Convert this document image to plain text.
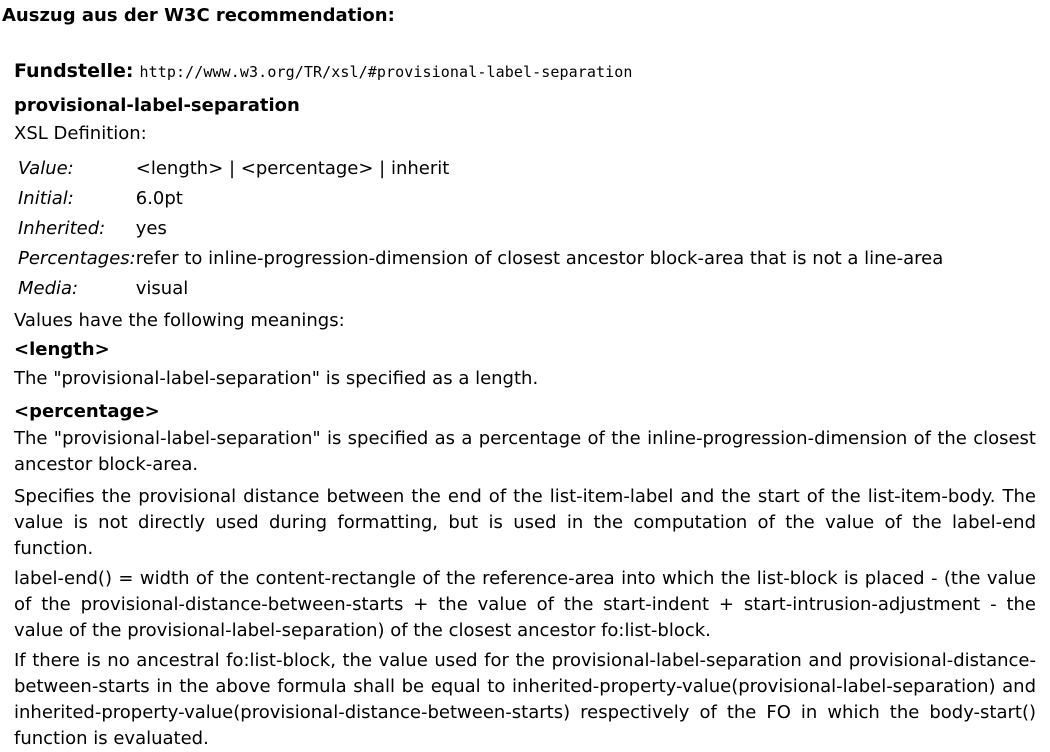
Auszug aus der W3C recommendation:
Fundstelle: http://www.w3.org/TR/xsl/#provisional-label-separation
provisional-label-separation
XSL Definition:
Value:	<length> | <percentage> | inherit
Initial:	6.0pt
Inherited:	yes
Percentages:	refer to inline-progression-dimension of closest ancestor block-area that is not a line-area
Media:	visual
Values have the following meanings:
<length>
The "provisional-label-separation" is specified as a length.
<percentage>
The "provisional-label-separation" is specified as a percentage of the inline-progression-dimension of the closest ancestor block-area.
Specifies the provisional distance between the end of the list-item-label and the start of the list-item-body. The value is not directly used during formatting, but is used in the computation of the value of the label-end function.
label-end() = width of the content-rectangle of the reference-area into which the list-block is placed - (the value of the provisional-distance-between-starts + the value of the start-indent + start-intrusion-adjustment - the value of the provisional-label-separation) of the closest ancestor fo:list-block.
If there is no ancestral fo:list-block, the value used for the provisional-label-separation and provisional-distance-between-starts in the above formula shall be equal to inherited-property-value(provisional-label-separation) and inherited-property-value(provisional-distance-between-starts) respectively of the FO in which the body-start() function is evaluated.
